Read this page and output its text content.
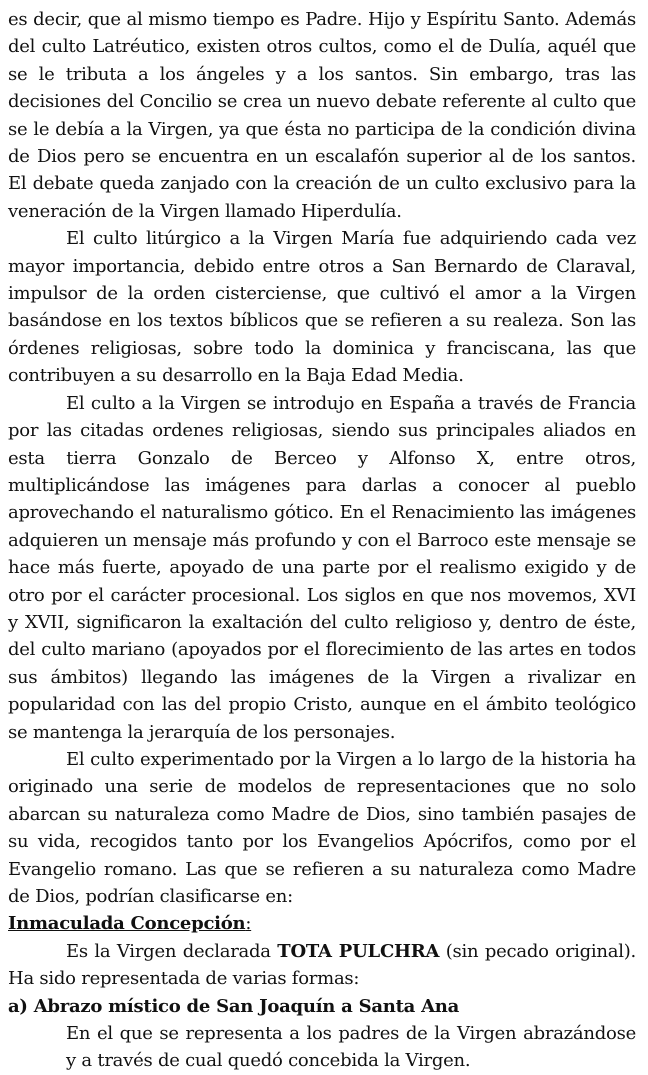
es decir, que al mismo tiempo es Padre. Hijo y Espíritu Santo. Además del culto Latréutico, existen otros cultos, como el de Dulía, aquél que se le tributa a los ángeles y a los santos. Sin embargo, tras las decisiones del Concilio se crea un nuevo debate referente al culto que se le debía a la Virgen, ya que ésta no participa de la condición divina de Dios pero se encuentra en un escalafón superior al de los santos. El debate queda zanjado con la creación de un culto exclusivo para la veneración de la Virgen llamado Hiperdulía.

El culto litúrgico a la Virgen María fue adquiriendo cada vez mayor importancia, debido entre otros a San Bernardo de Claraval, impulsor de la orden cisterciense, que cultivó el amor a la Virgen basándose en los textos bíblicos que se refieren a su realeza. Son las órdenes religiosas, sobre todo la dominica y franciscana, las que contribuyen a su desarrollo en la Baja Edad Media.

El culto a la Virgen se introdujo en España a través de Francia por las citadas ordenes religiosas, siendo sus principales aliados en esta tierra Gonzalo de Berceo y Alfonso X, entre otros, multiplicándose las imágenes para darlas a conocer al pueblo aprovechando el naturalismo gótico. En el Renacimiento las imágenes adquieren un mensaje más profundo y con el Barroco este mensaje se hace más fuerte, apoyado de una parte por el realismo exigido y de otro por el carácter procesional. Los siglos en que nos movemos, XVI y XVII, significaron la exaltación del culto religioso y, dentro de éste, del culto mariano (apoyados por el florecimiento de las artes en todos sus ámbitos) llegando las imágenes de la Virgen a rivalizar en popularidad con las del propio Cristo, aunque en el ámbito teológico se mantenga la jerarquía de los personajes.

El culto experimentado por la Virgen a lo largo de la historia ha originado una serie de modelos de representaciones que no solo abarcan su naturaleza como Madre de Dios, sino también pasajes de su vida, recogidos tanto por los Evangelios Apócrifos, como por el Evangelio romano. Las que se refieren a su naturaleza como Madre de Dios, podrían clasificarse en:

Inmaculada Concepción:

Es la Virgen declarada TOTA PULCHRA (sin pecado original). Ha sido representada de varias formas:

a) Abrazo místico de San Joaquín a Santa Ana

En el que se representa a los padres de la Virgen abrazándose y a través de cual quedó concebida la Virgen.
